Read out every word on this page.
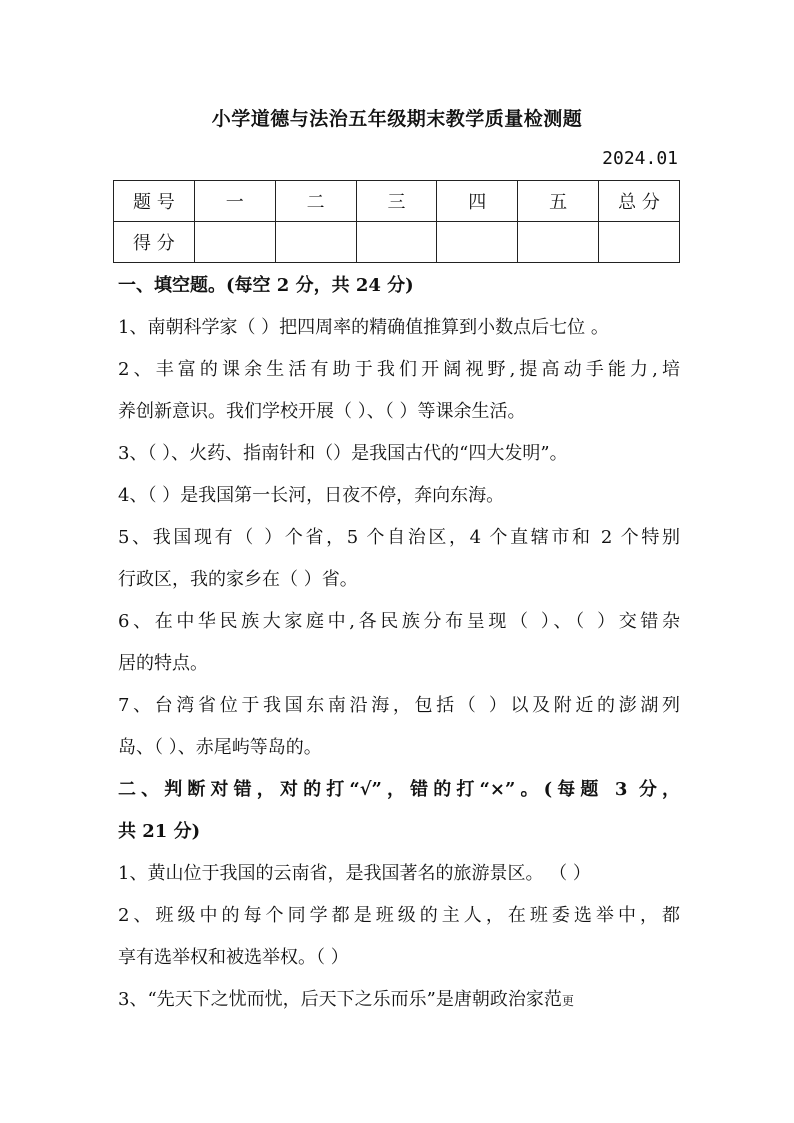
小学道德与法治五年级期末教学质量检测题
2024.01
题 号	一	二	三	四	五	总 分
得 分						
一、填空题。(每空 2 分，共 24 分)
1、南朝科学家（ ）把四周率的精确值推算到小数点后七位 。
2、丰富的课余生活有助于我们开阔视野,提高动手能力,培
养创新意识。我们学校开展（ ）、（ ）等课余生活。
3、（ ）、火药、指南针和（）是我国古代的“四大发明”。
4、（ ）是我国第一长河，日夜不停，奔向东海。
5、我国现有（ ）个省，5 个自治区，4 个直辖市和 2 个特别
行政区，我的家乡在（ ）省。
6、在中华民族大家庭中,各民族分布呈现（ ）、（ ）交错杂
居的特点。
7、台湾省位于我国东南沿海，包括（ ）以及附近的澎湖列
岛、（ ）、赤尾屿等岛的。
二、判断对错，对的打“√”，错的打“×”。(每题 3 分，
共 21 分)
1、黄山位于我国的云南省，是我国著名的旅游景区。 （ ）
2、班级中的每个同学都是班级的主人，在班委选举中，都
享有选举权和被选举权。（ ）
3、“先天下之忧而忧，后天下之乐而乐”是唐朝政治家范更
